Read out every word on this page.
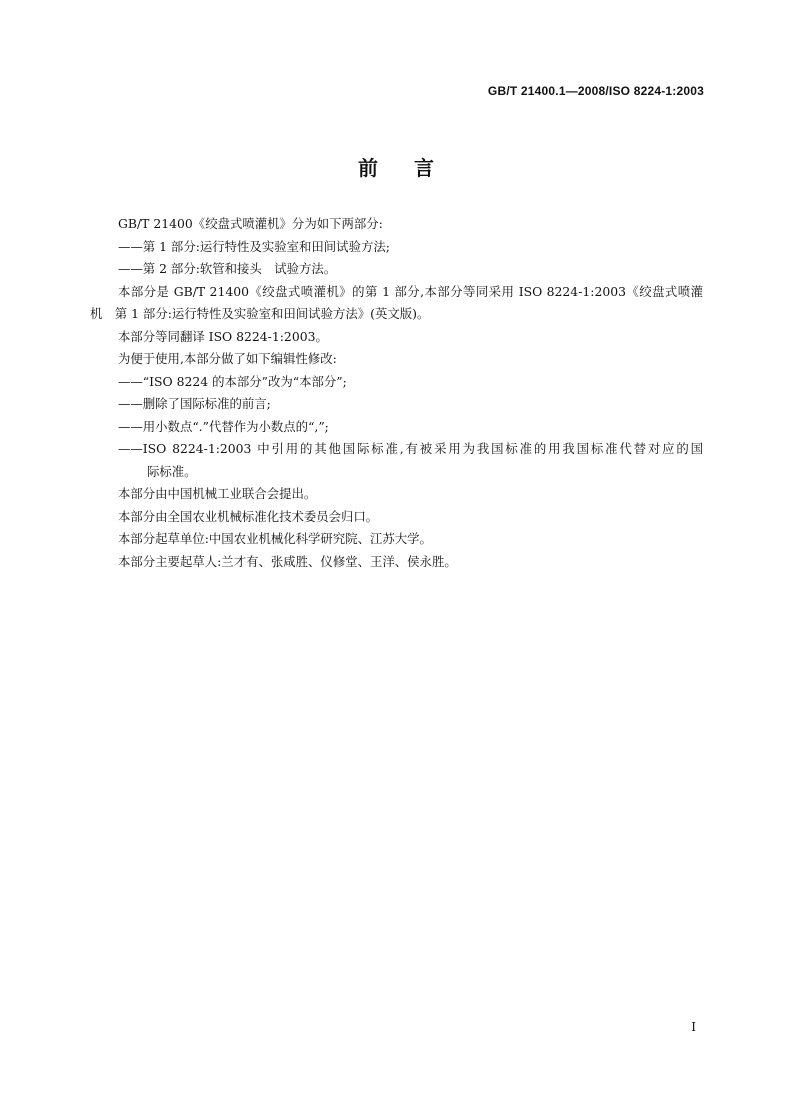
GB/T 21400.1—2008/ISO 8224-1:2003
前言
GB/T 21400《绞盘式喷灌机》分为如下两部分:
——第 1 部分:运行特性及实验室和田间试验方法;
——第 2 部分:软管和接头　试验方法。
本部分是 GB/T 21400《绞盘式喷灌机》的第 1 部分,本部分等同采用 ISO 8224-1:2003《绞盘式喷灌
机　第 1 部分:运行特性及实验室和田间试验方法》(英文版)。
本部分等同翻译 ISO 8224-1:2003。
为便于使用,本部分做了如下编辑性修改:
——“ISO 8224 的本部分”改为“本部分”;
——删除了国际标准的前言;
——用小数点“.”代替作为小数点的“,”;
——ISO 8224-1:2003 中引用的其他国际标准,有被采用为我国标准的用我国标准代替对应的国
际标准。
本部分由中国机械工业联合会提出。
本部分由全国农业机械标准化技术委员会归口。
本部分起草单位:中国农业机械化科学研究院、江苏大学。
本部分主要起草人:兰才有、张咸胜、仪修堂、王洋、侯永胜。
I
